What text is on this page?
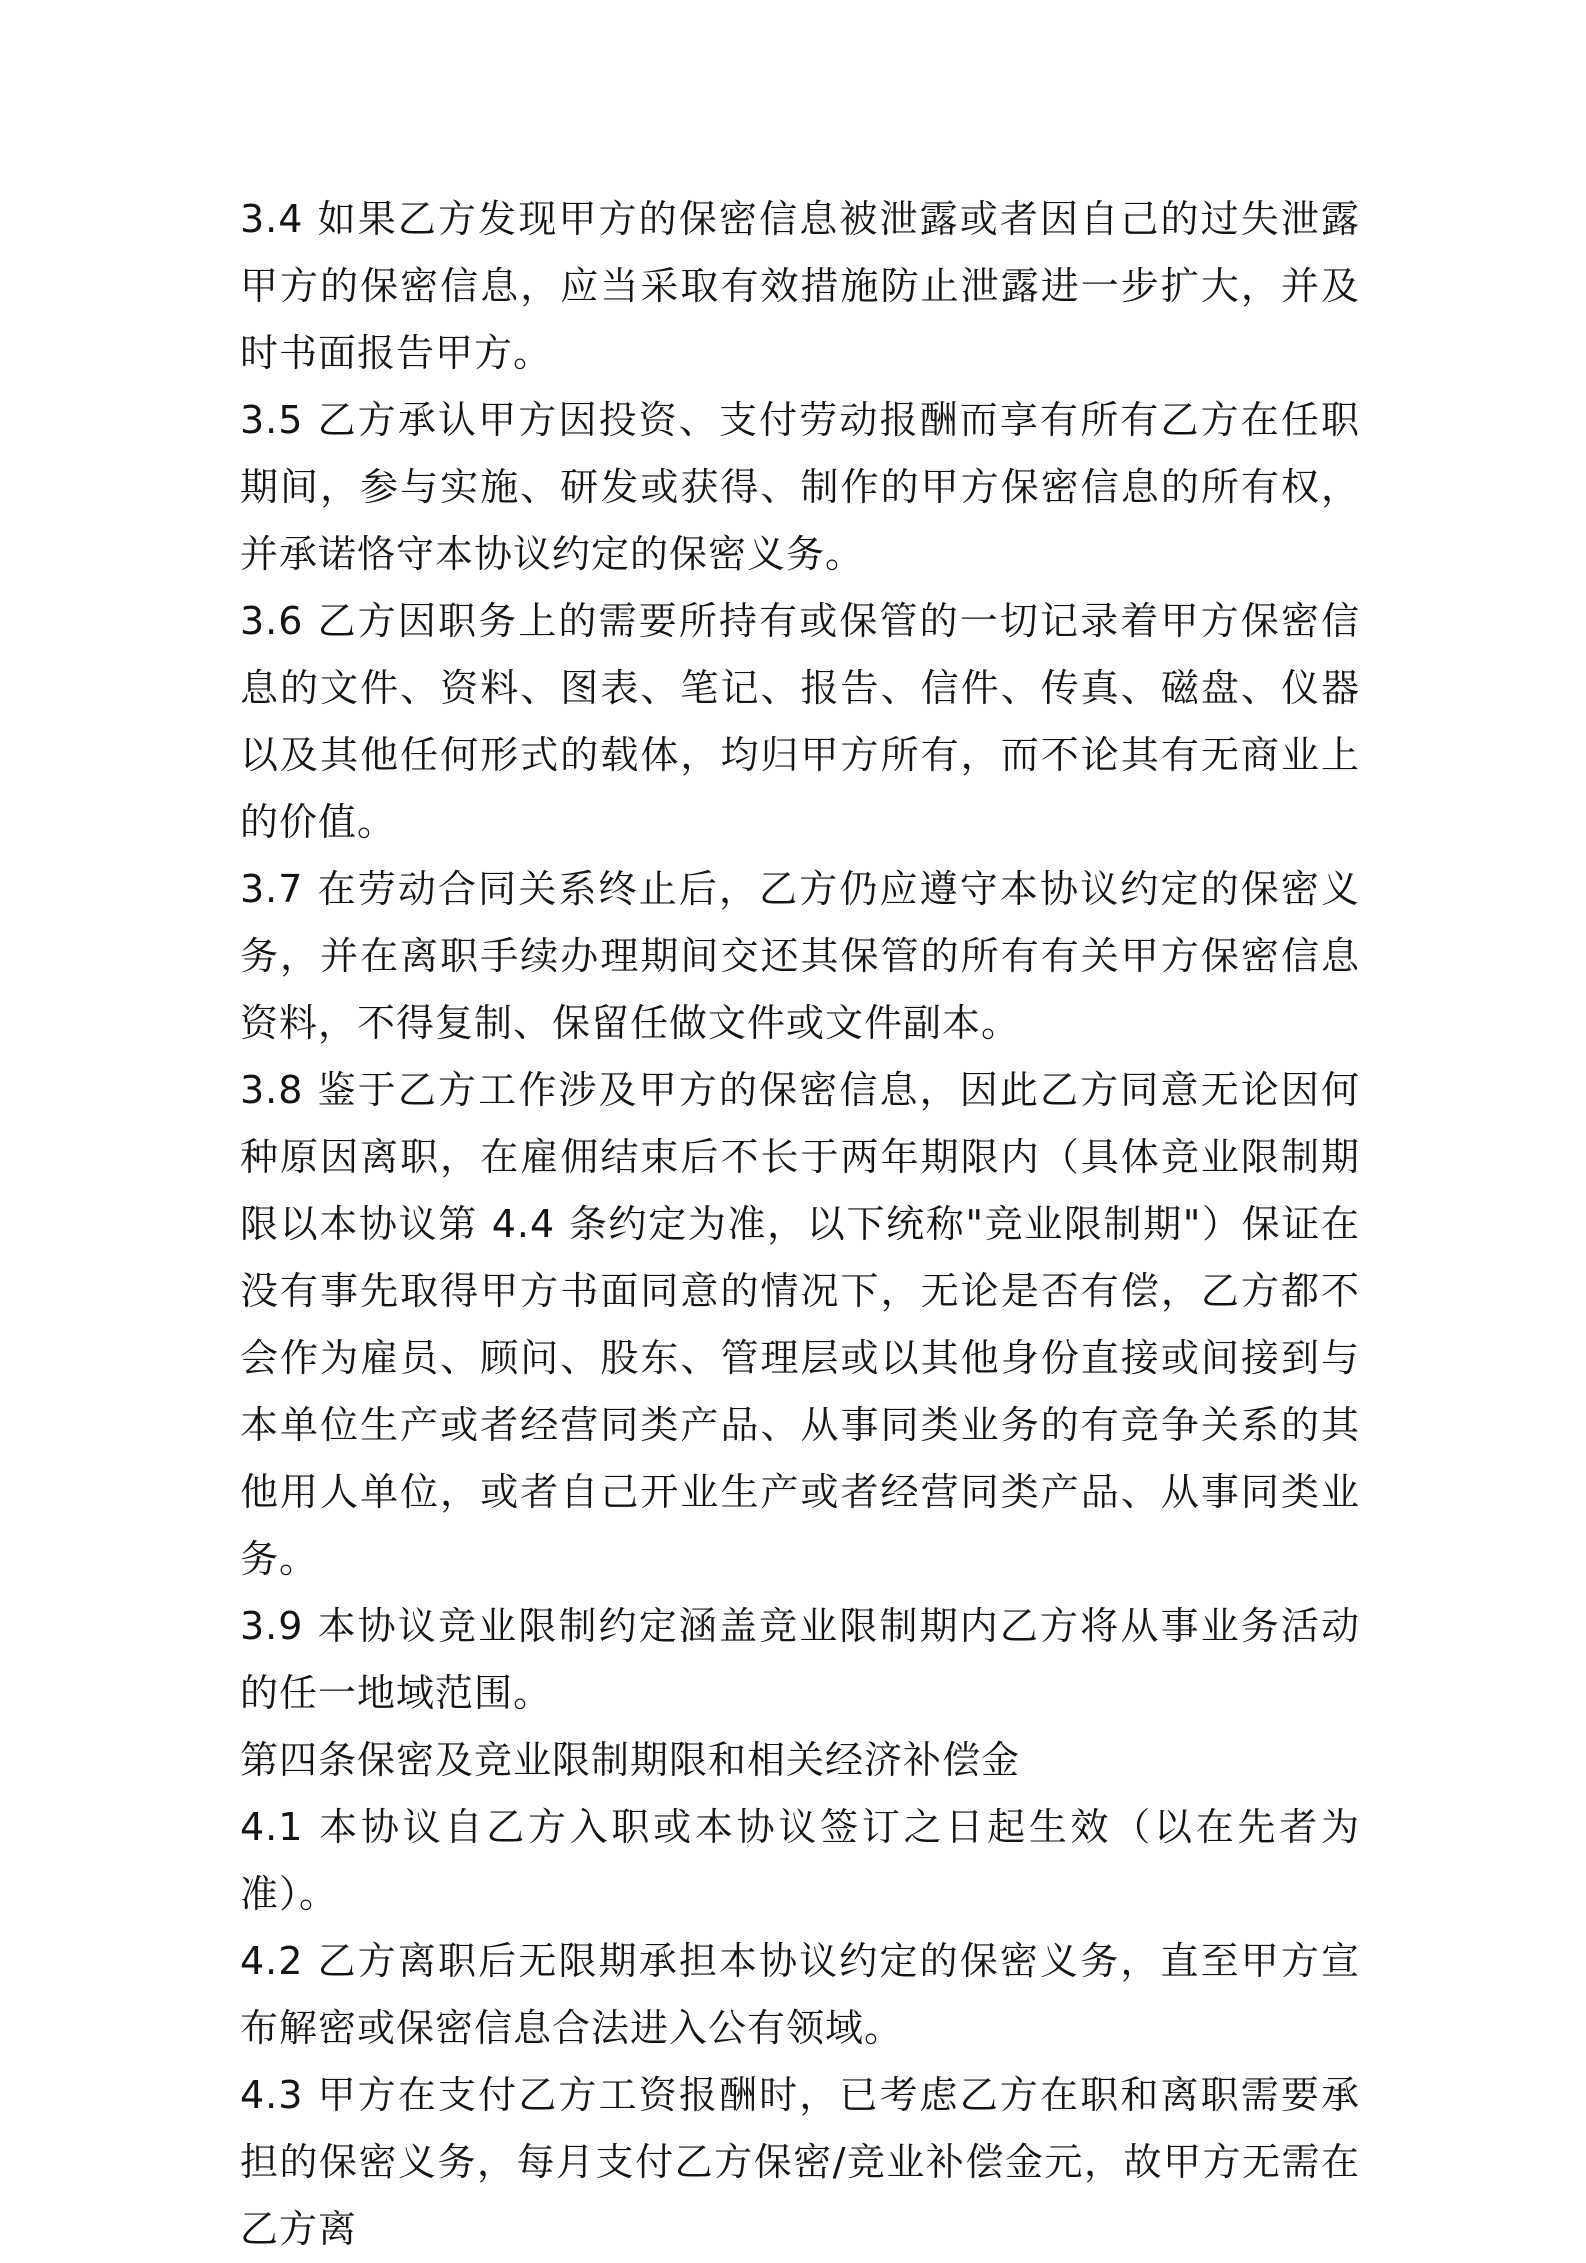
3.4 如果乙方发现甲方的保密信息被泄露或者因自己的过失泄露甲方的保密信息，应当采取有效措施防止泄露进一步扩大，并及时书面报告甲方。

3.5 乙方承认甲方因投资、支付劳动报酬而享有所有乙方在任职期间，参与实施、研发或获得、制作的甲方保密信息的所有权，并承诺恪守本协议约定的保密义务。

3.6 乙方因职务上的需要所持有或保管的一切记录着甲方保密信息的文件、资料、图表、笔记、报告、信件、传真、磁盘、仪器以及其他任何形式的载体，均归甲方所有，而不论其有无商业上的价值。

3.7 在劳动合同关系终止后，乙方仍应遵守本协议约定的保密义务，并在离职手续办理期间交还其保管的所有有关甲方保密信息资料，不得复制、保留任做文件或文件副本。

3.8 鉴于乙方工作涉及甲方的保密信息，因此乙方同意无论因何种原因离职，在雇佣结束后不长于两年期限内（具体竞业限制期限以本协议第 4.4 条约定为准，以下统称"竞业限制期"）保证在没有事先取得甲方书面同意的情况下，无论是否有偿，乙方都不会作为雇员、顾问、股东、管理层或以其他身份直接或间接到与本单位生产或者经营同类产品、从事同类业务的有竞争关系的其他用人单位，或者自己开业生产或者经营同类产品、从事同类业务。

3.9 本协议竞业限制约定涵盖竞业限制期内乙方将从事业务活动的任一地域范围。

第四条保密及竞业限制期限和相关经济补偿金

4.1 本协议自乙方入职或本协议签订之日起生效（以在先者为准）。

4.2 乙方离职后无限期承担本协议约定的保密义务，直至甲方宣布解密或保密信息合法进入公有领域。

4.3 甲方在支付乙方工资报酬时，已考虑乙方在职和离职需要承担的保密义务，每月支付乙方保密/竞业补偿金元，故甲方无需在乙方离
